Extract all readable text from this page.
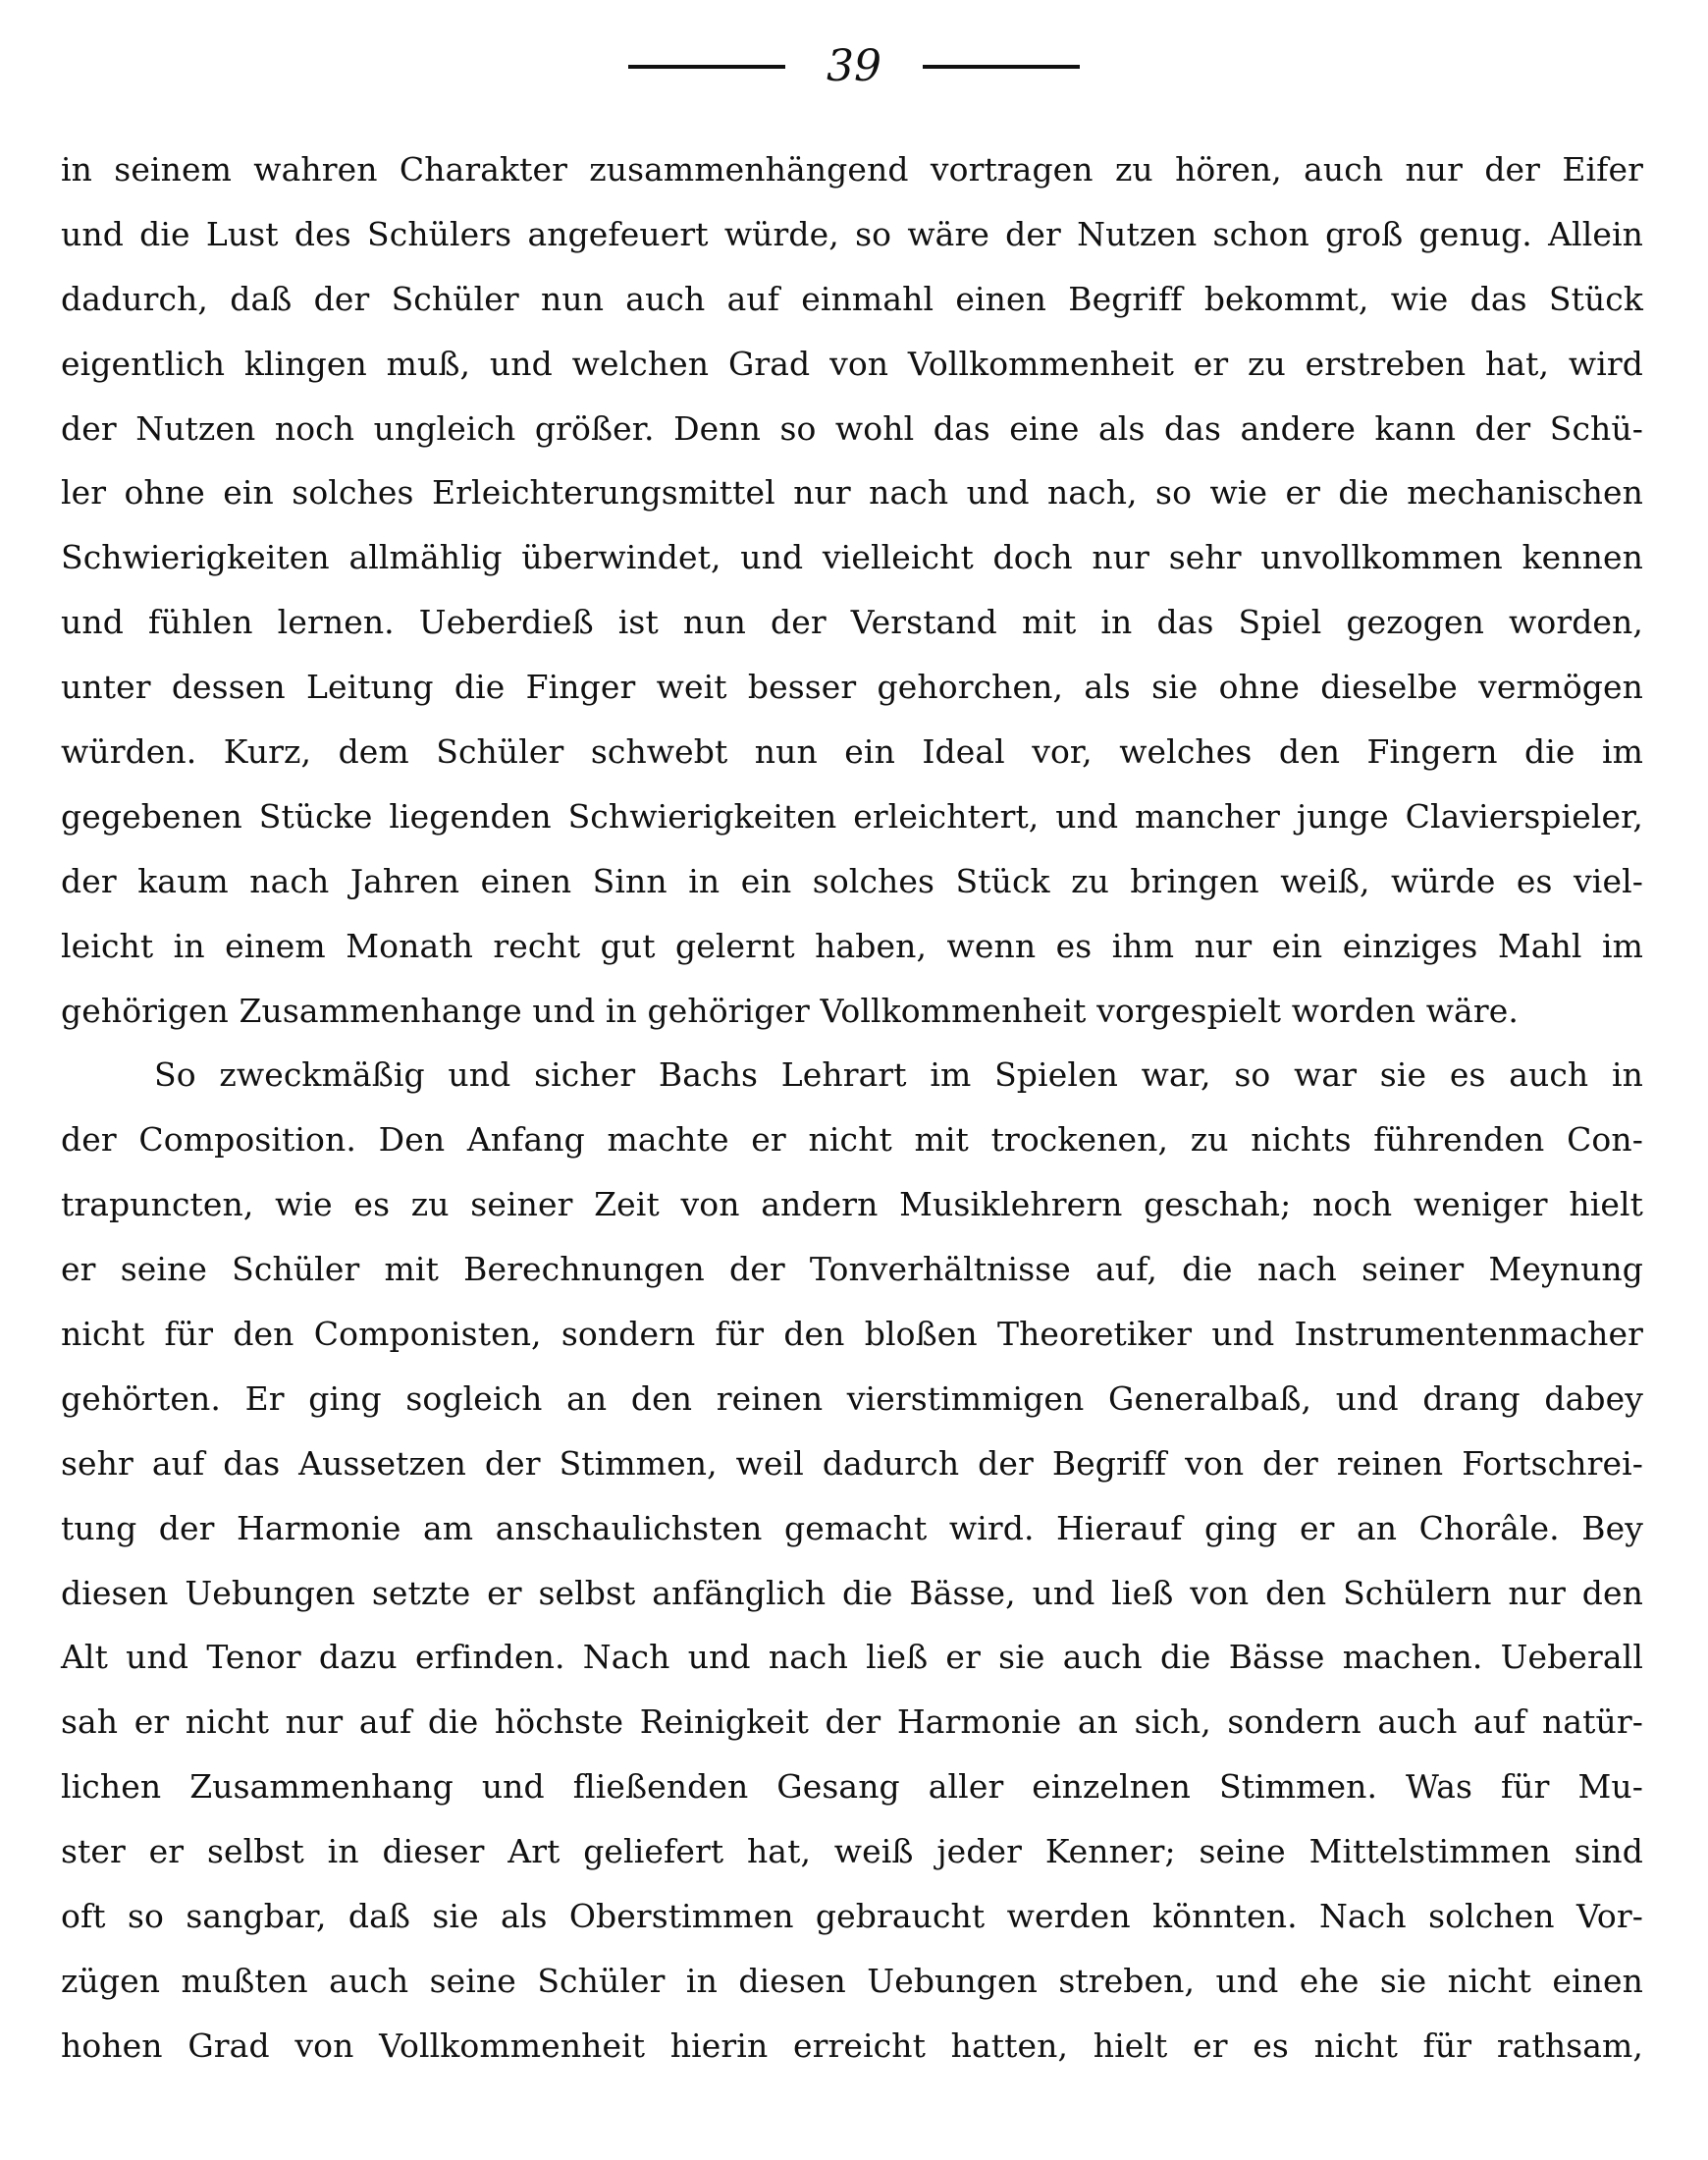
39
in seinem wahren Charakter zusammenhängend vortragen zu hören, auch nur der Eifer
und die Lust des Schülers angefeuert würde, so wäre der Nutzen schon groß genug. Allein
dadurch, daß der Schüler nun auch auf einmahl einen Begriff bekommt, wie das Stück
eigentlich klingen muß, und welchen Grad von Vollkommenheit er zu erstreben hat, wird
der Nutzen noch ungleich größer. Denn so wohl das eine als das andere kann der Schü-
ler ohne ein solches Erleichterungsmittel nur nach und nach, so wie er die mechanischen
Schwierigkeiten allmählig überwindet, und vielleicht doch nur sehr unvollkommen kennen
und fühlen lernen. Ueberdieß ist nun der Verstand mit in das Spiel gezogen worden,
unter dessen Leitung die Finger weit besser gehorchen, als sie ohne dieselbe vermögen
würden. Kurz, dem Schüler schwebt nun ein Ideal vor, welches den Fingern die im
gegebenen Stücke liegenden Schwierigkeiten erleichtert, und mancher junge Clavierspieler,
der kaum nach Jahren einen Sinn in ein solches Stück zu bringen weiß, würde es viel-
leicht in einem Monath recht gut gelernt haben, wenn es ihm nur ein einziges Mahl im
gehörigen Zusammenhange und in gehöriger Vollkommenheit vorgespielt worden wäre.
So zweckmäßig und sicher Bachs Lehrart im Spielen war, so war sie es auch in
der Composition. Den Anfang machte er nicht mit trockenen, zu nichts führenden Con-
trapuncten, wie es zu seiner Zeit von andern Musiklehrern geschah; noch weniger hielt
er seine Schüler mit Berechnungen der Tonverhältnisse auf, die nach seiner Meynung
nicht für den Componisten, sondern für den bloßen Theoretiker und Instrumentenmacher
gehörten. Er ging sogleich an den reinen vierstimmigen Generalbaß, und drang dabey
sehr auf das Aussetzen der Stimmen, weil dadurch der Begriff von der reinen Fortschrei-
tung der Harmonie am anschaulichsten gemacht wird. Hierauf ging er an Chorâle. Bey
diesen Uebungen setzte er selbst anfänglich die Bässe, und ließ von den Schülern nur den
Alt und Tenor dazu erfinden. Nach und nach ließ er sie auch die Bässe machen. Ueberall
sah er nicht nur auf die höchste Reinigkeit der Harmonie an sich, sondern auch auf natür-
lichen Zusammenhang und fließenden Gesang aller einzelnen Stimmen. Was für Mu-
ster er selbst in dieser Art geliefert hat, weiß jeder Kenner; seine Mittelstimmen sind
oft so sangbar, daß sie als Oberstimmen gebraucht werden könnten. Nach solchen Vor-
zügen mußten auch seine Schüler in diesen Uebungen streben, und ehe sie nicht einen
hohen Grad von Vollkommenheit hierin erreicht hatten, hielt er es nicht für rathsam,
